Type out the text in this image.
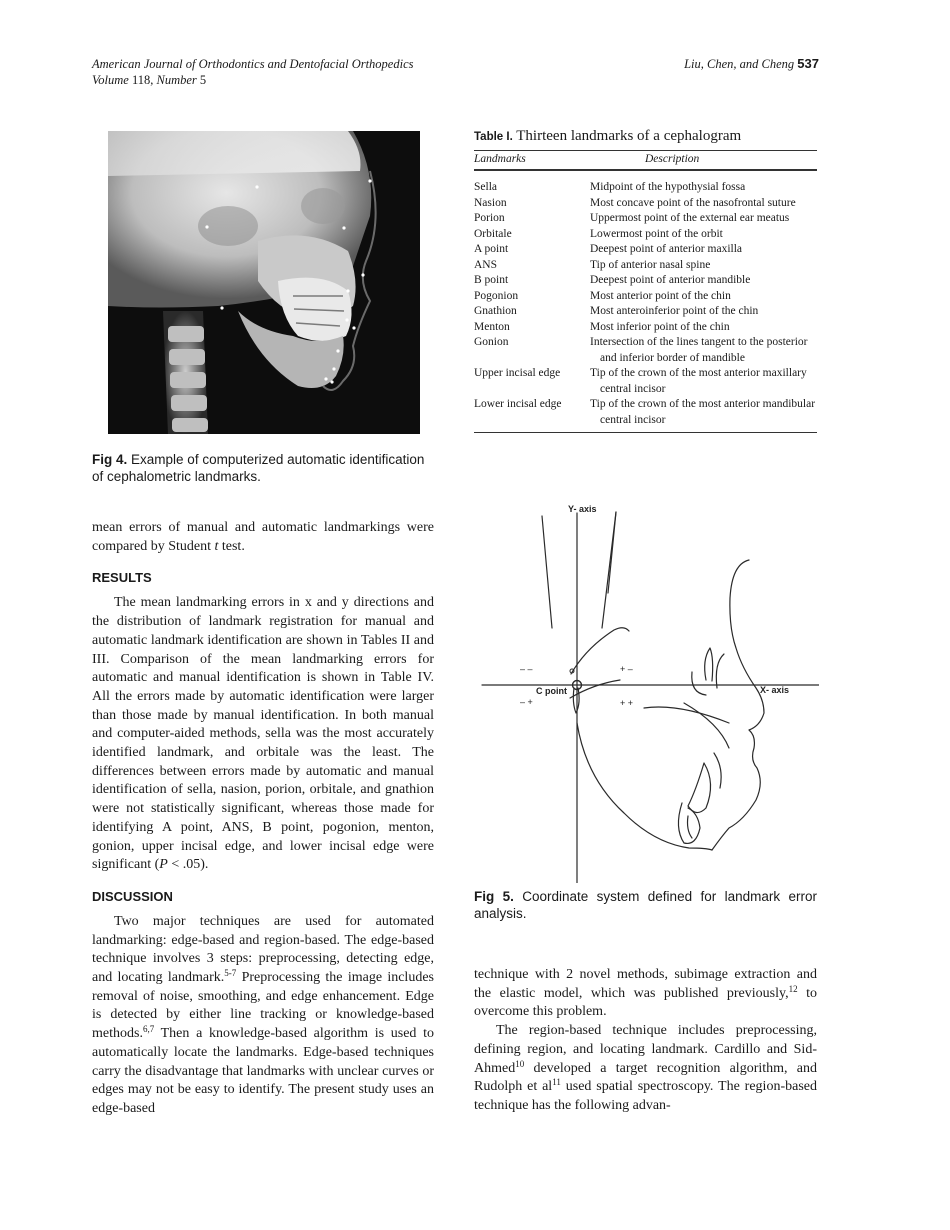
American Journal of Orthodontics and Dentofacial Orthopedics
Volume 118, Number 5
Liu, Chen, and Cheng 537
Fig 4. Example of computerized automatic identification of cephalometric landmarks.
Table I. Thirteen landmarks of a cephalogram
Landmarks	Description
Sella	Midpoint of the hypothysial fossa
Nasion	Most concave point of the nasofrontal suture
Porion	Uppermost point of the external ear meatus
Orbitale	Lowermost point of the orbit
A point	Deepest point of anterior maxilla
ANS	Tip of anterior nasal spine
B point	Deepest point of anterior mandible
Pogonion	Most anterior point of the chin
Gnathion	Most anteroinferior point of the chin
Menton	Most inferior point of the chin
Gonion	Intersection of the lines tangent to the posterior and inferior border of mandible
Upper incisal edge	Tip of the crown of the most anterior maxillary central incisor
Lower incisal edge	Tip of the crown of the most anterior mandibular central incisor
Y- axis
X- axis
C point
– –	+ –
– +	+ +
Fig 5. Coordinate system defined for landmark error analysis.

mean errors of manual and automatic landmarkings were compared by Student t test.

RESULTS

The mean landmarking errors in x and y directions and the distribution of landmark registration for manual and automatic landmark identification are shown in Tables II and III. Comparison of the mean landmarking errors for automatic and manual identification is shown in Table IV. All the errors made by automatic identification were larger than those made by manual identification. In both manual and computer-aided methods, sella was the most accurately identified landmark, and orbitale was the least. The differences between errors made by automatic and manual identification of sella, nasion, porion, orbitale, and gnathion were not statistically significant, whereas those made for identifying A point, ANS, B point, pogonion, menton, gonion, upper incisal edge, and lower incisal edge were significant (P < .05).

DISCUSSION

Two major techniques are used for automated landmarking: edge-based and region-based. The edge-based technique involves 3 steps: preprocessing, detecting edge, and locating landmark.$^{5-7}$ Preprocessing the image includes removal of noise, smoothing, and edge enhancement. Edge is detected by either line tracking or knowledge-based methods.$^{6,7}$ Then a knowledge-based algorithm is used to automatically locate the landmarks. Edge-based techniques carry the disadvantage that landmarks with unclear curves or edges may not be easy to identify. The present study uses an edge-based

technique with 2 novel methods, subimage extraction and the elastic model, which was published previously,$^{12}$ to overcome this problem.

The region-based technique includes preprocessing, defining region, and locating landmark. Cardillo and Sid-Ahmed$^{10}$ developed a target recognition algorithm, and Rudolph et $al^{11}$ used spatial spectroscopy. The region-based technique has the following advan-
